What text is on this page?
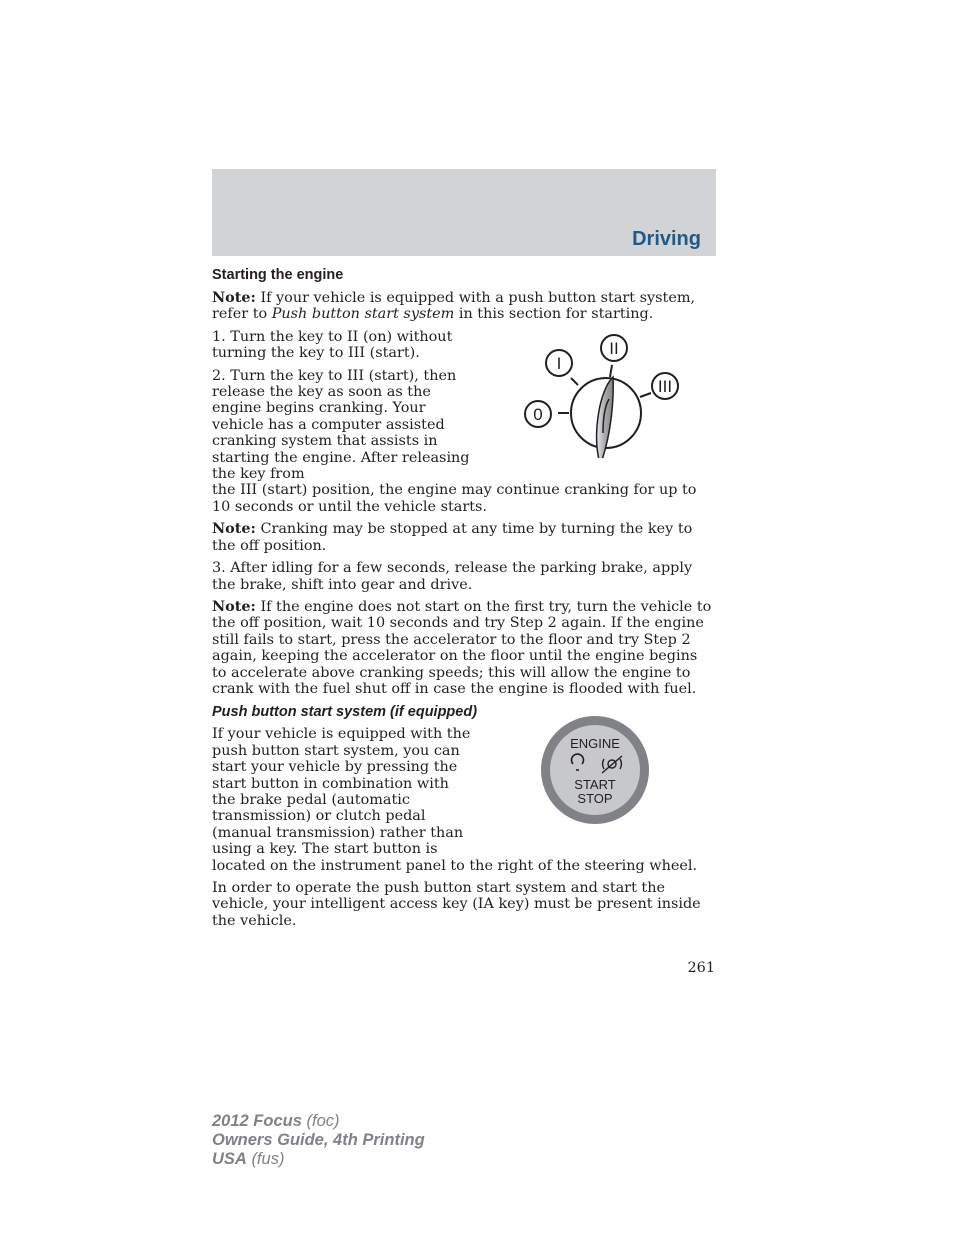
Driving
Starting the engine

Note: If your vehicle is equipped with a push button start system, refer to Push button start system in this section for starting.

1. Turn the key to II (on) without turning the key to III (start).

2. Turn the key to III (start), then release the key as soon as the engine begins cranking. Your vehicle has a computer assisted cranking system that assists in starting the engine. After releasing the key from

the III (start) position, the engine may continue cranking for up to 10 seconds or until the vehicle starts.

Note: Cranking may be stopped at any time by turning the key to the off position.

3. After idling for a few seconds, release the parking brake, apply the brake, shift into gear and drive.

Note: If the engine does not start on the first try, turn the vehicle to the off position, wait 10 seconds and try Step 2 again. If the engine still fails to start, press the accelerator to the floor and try Step 2 again, keeping the accelerator on the floor until the engine begins to accelerate above cranking speeds; this will allow the engine to crank with the fuel shut off in case the engine is flooded with fuel.

Push button start system (if equipped)

If your vehicle is equipped with the push button start system, you can start your vehicle by pressing the start button in combination with the brake pedal (automatic transmission) or clutch pedal (manual transmission) rather than using a key. The start button is

located on the instrument panel to the right of the steering wheel.

In order to operate the push button start system and start the vehicle, your intelligent access key (IA key) must be present inside the vehicle.

0
I
II
III
ENGINE
START
STOP
261
2012 Focus (foc)
Owners Guide, 4th Printing
USA (fus)
